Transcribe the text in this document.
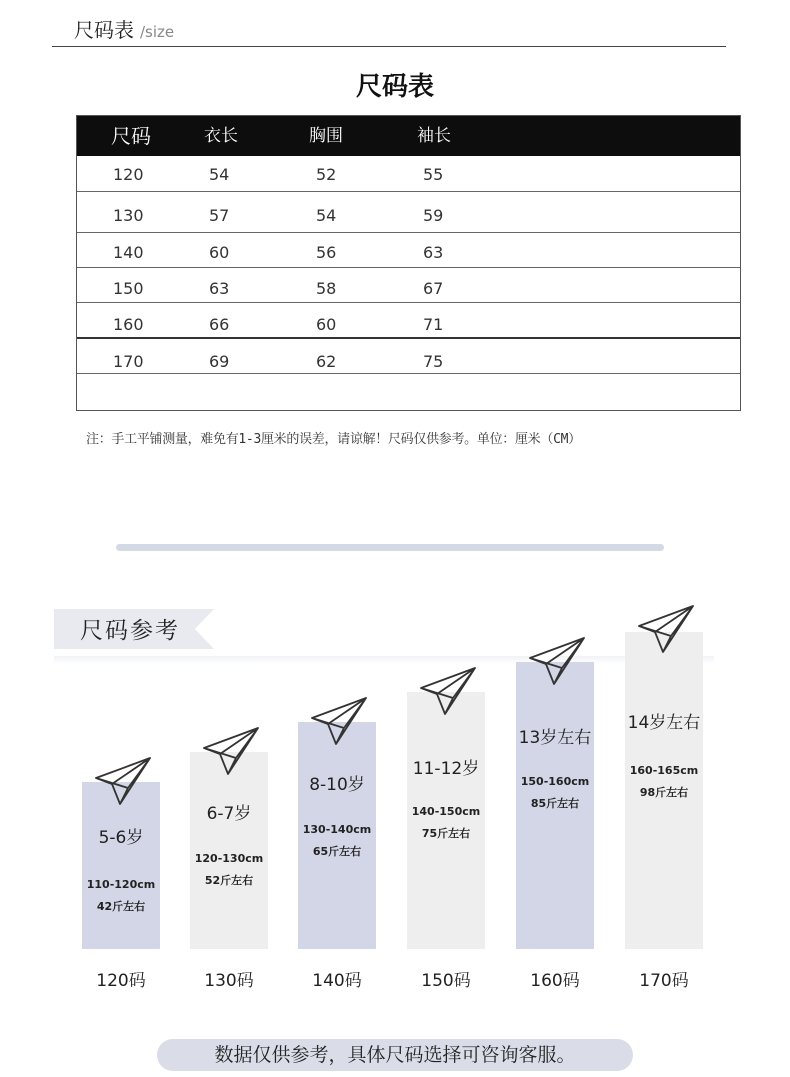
尺码表 /size
尺码表
尺码	衣长	胸围	袖长
120	54	52	55
130	57	54	59
140	60	56	63
150	63	58	67
160	66	60	71
170	69	62	75
注：手工平铺测量，难免有1-3厘米的误差，请谅解！尺码仅供参考。单位：厘米（CM）
尺码参考
5-6岁
6-7岁
8-10岁
11-12岁
13岁左右
14岁左右
110-120cm
42斤左右
120-130cm
52斤左右
130-140cm
65斤左右
140-150cm
75斤左右
150-160cm
85斤左右
160-165cm
98斤左右
120码	130码	140码	150码	160码	170码
数据仅供参考，具体尺码选择可咨询客服。
